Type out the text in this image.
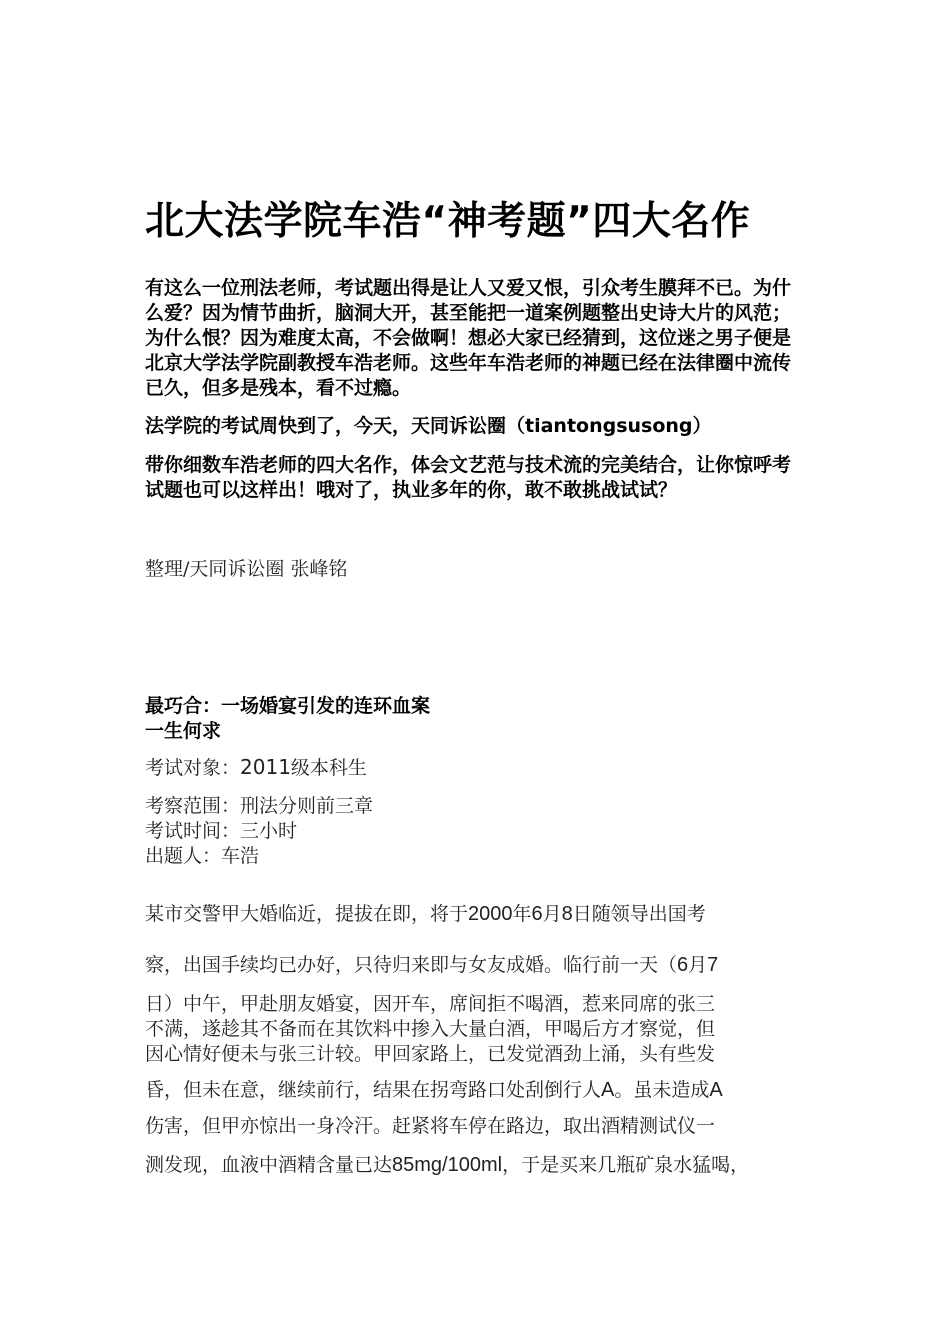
北大法学院车浩“神考题”四大名作

有这么一位刑法老师，考试题出得是让人又爱又恨，引众考生膜拜不已。为什么爱？因为情节曲折，脑洞大开，甚至能把一道案例题整出史诗大片的风范；为什么恨？因为难度太高，不会做啊！想必大家已经猜到，这位迷之男子便是北京大学法学院副教授车浩老师。这些年车浩老师的神题已经在法律圈中流传已久，但多是残本，看不过瘾。

法学院的考试周快到了，今天，天同诉讼圈（tiantongsusong）

带你细数车浩老师的四大名作，体会文艺范与技术流的完美结合，让你惊呼考试题也可以这样出！哦对了，执业多年的你，敢不敢挑战试试？

整理/天同诉讼圈 张峰铭
最巧合：一场婚宴引发的连环血案
一生何求
考试对象：2011级本科生
考察范围：刑法分则前三章
考试时间：三小时
出题人：车浩
某市交警甲大婚临近，提拔在即，将于2000年6月8日随领导出国考
察，出国手续均已办好，只待归来即与女友成婚。临行前一天（6月7
日）中午，甲赴朋友婚宴，因开车，席间拒不喝酒，惹来同席的张三
不满，遂趁其不备而在其饮料中掺入大量白酒，甲喝后方才察觉，但
因心情好便未与张三计较。甲回家路上，已发觉酒劲上涌，头有些发
昏，但未在意，继续前行，结果在拐弯路口处刮倒行人A。虽未造成A
伤害，但甲亦惊出一身冷汗。赶紧将车停在路边，取出酒精测试仪一
测发现，血液中酒精含量已达85mg/100ml，于是买来几瓶矿泉水猛喝，
